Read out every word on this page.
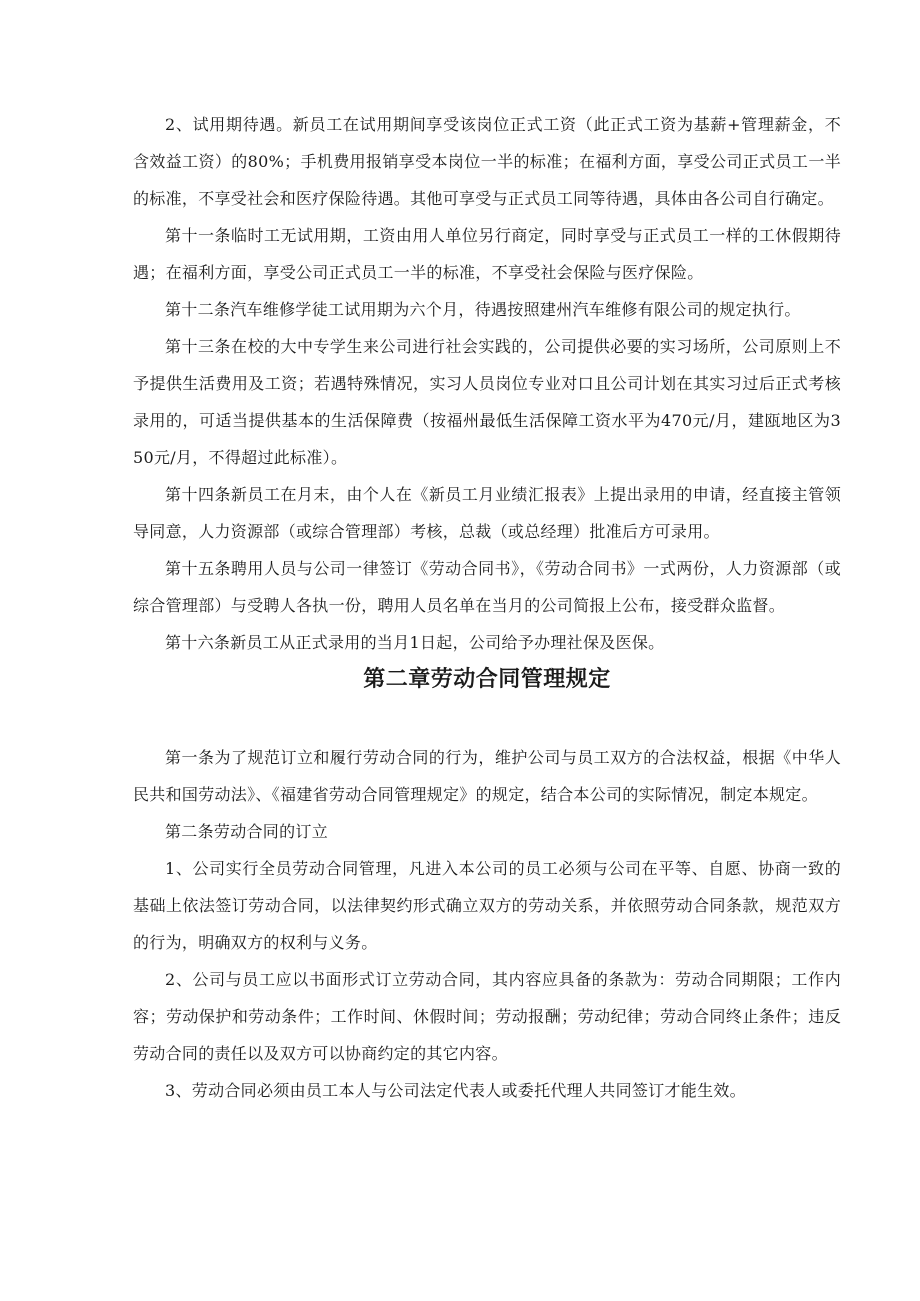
2、试用期待遇。新员工在试用期间享受该岗位正式工资（此正式工资为基薪+管理薪金，不含效益工资）的80%；手机费用报销享受本岗位一半的标准；在福利方面，享受公司正式员工一半的标准，不享受社会和医疗保险待遇。其他可享受与正式员工同等待遇，具体由各公司自行确定。

第十一条临时工无试用期，工资由用人单位另行商定，同时享受与正式员工一样的工休假期待遇；在福利方面，享受公司正式员工一半的标准，不享受社会保险与医疗保险。

第十二条汽车维修学徒工试用期为六个月，待遇按照建州汽车维修有限公司的规定执行。

第十三条在校的大中专学生来公司进行社会实践的，公司提供必要的实习场所，公司原则上不予提供生活费用及工资；若遇特殊情况，实习人员岗位专业对口且公司计划在其实习过后正式考核录用的，可适当提供基本的生活保障费（按福州最低生活保障工资水平为470元/月，建瓯地区为350元/月，不得超过此标准）。

第十四条新员工在月末，由个人在《新员工月业绩汇报表》上提出录用的申请，经直接主管领导同意，人力资源部（或综合管理部）考核，总裁（或总经理）批准后方可录用。

第十五条聘用人员与公司一律签订《劳动合同书》，《劳动合同书》一式两份，人力资源部（或综合管理部）与受聘人各执一份，聘用人员名单在当月的公司简报上公布，接受群众监督。

第十六条新员工从正式录用的当月1日起，公司给予办理社保及医保。

第二章劳动合同管理规定

第一条为了规范订立和履行劳动合同的行为，维护公司与员工双方的合法权益，根据《中华人民共和国劳动法》、《福建省劳动合同管理规定》的规定，结合本公司的实际情况，制定本规定。

第二条劳动合同的订立

1、公司实行全员劳动合同管理，凡进入本公司的员工必须与公司在平等、自愿、协商一致的基础上依法签订劳动合同，以法律契约形式确立双方的劳动关系，并依照劳动合同条款，规范双方的行为，明确双方的权利与义务。

2、公司与员工应以书面形式订立劳动合同，其内容应具备的条款为：劳动合同期限；工作内容；劳动保护和劳动条件；工作时间、休假时间；劳动报酬；劳动纪律；劳动合同终止条件；违反劳动合同的责任以及双方可以协商约定的其它内容。

3、劳动合同必须由员工本人与公司法定代表人或委托代理人共同签订才能生效。
